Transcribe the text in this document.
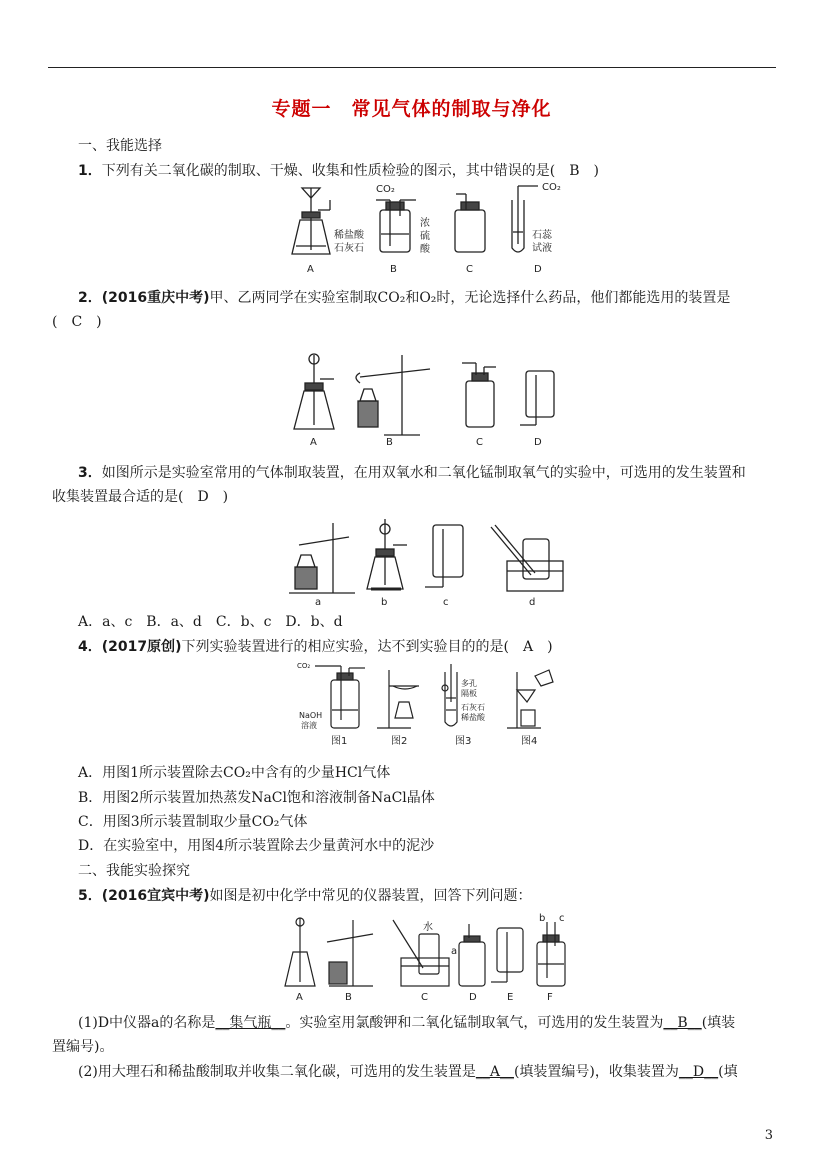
专题一　常见气体的制取与净化
一、我能选择
1．下列有关二氧化碳的制取、干燥、收集和性质检验的图示，其中错误的是(　B　)
CO₂
稀盐酸
石灰石
浓
硫
酸
CO₂
石蕊
试液
A	B	C	D
2．(2016重庆中考)甲、乙两同学在实验室制取CO₂和O₂时，无论选择什么药品，他们都能选用的装置是
(　C　)
A	B	C	D
3．如图所示是实验室常用的气体制取装置，在用双氧水和二氧化锰制取氧气的实验中，可选用的发生装置和
收集装置最合适的是(　D　)
a	b	c	d
A．a、c　B．a、d　C．b、c　D．b、d
4．(2017原创)下列实验装置进行的相应实验，达不到实验目的的是(　A　)
CO₂
NaOH
溶液
多孔
隔板
石灰石
稀盐酸
图1	图2	图3	图4
A．用图1所示装置除去CO₂中含有的少量HCl气体
B．用图2所示装置加热蒸发NaCl饱和溶液制备NaCl晶体
C．用图3所示装置制取少量CO₂气体
D．在实验室中，用图4所示装置除去少量黄河水中的泥沙
二、我能实验探究
5．(2016宜宾中考)如图是初中化学中常见的仪器装置，回答下列问题：
水
a
b c
A	B	C	D	E	F
(1)D中仪器a的名称是__集气瓶__。实验室用氯酸钾和二氧化锰制取氧气，可选用的发生装置为__B__(填装
置编号)。
(2)用大理石和稀盐酸制取并收集二氧化碳，可选用的发生装置是__A__(填装置编号)，收集装置为__D__(填
3
